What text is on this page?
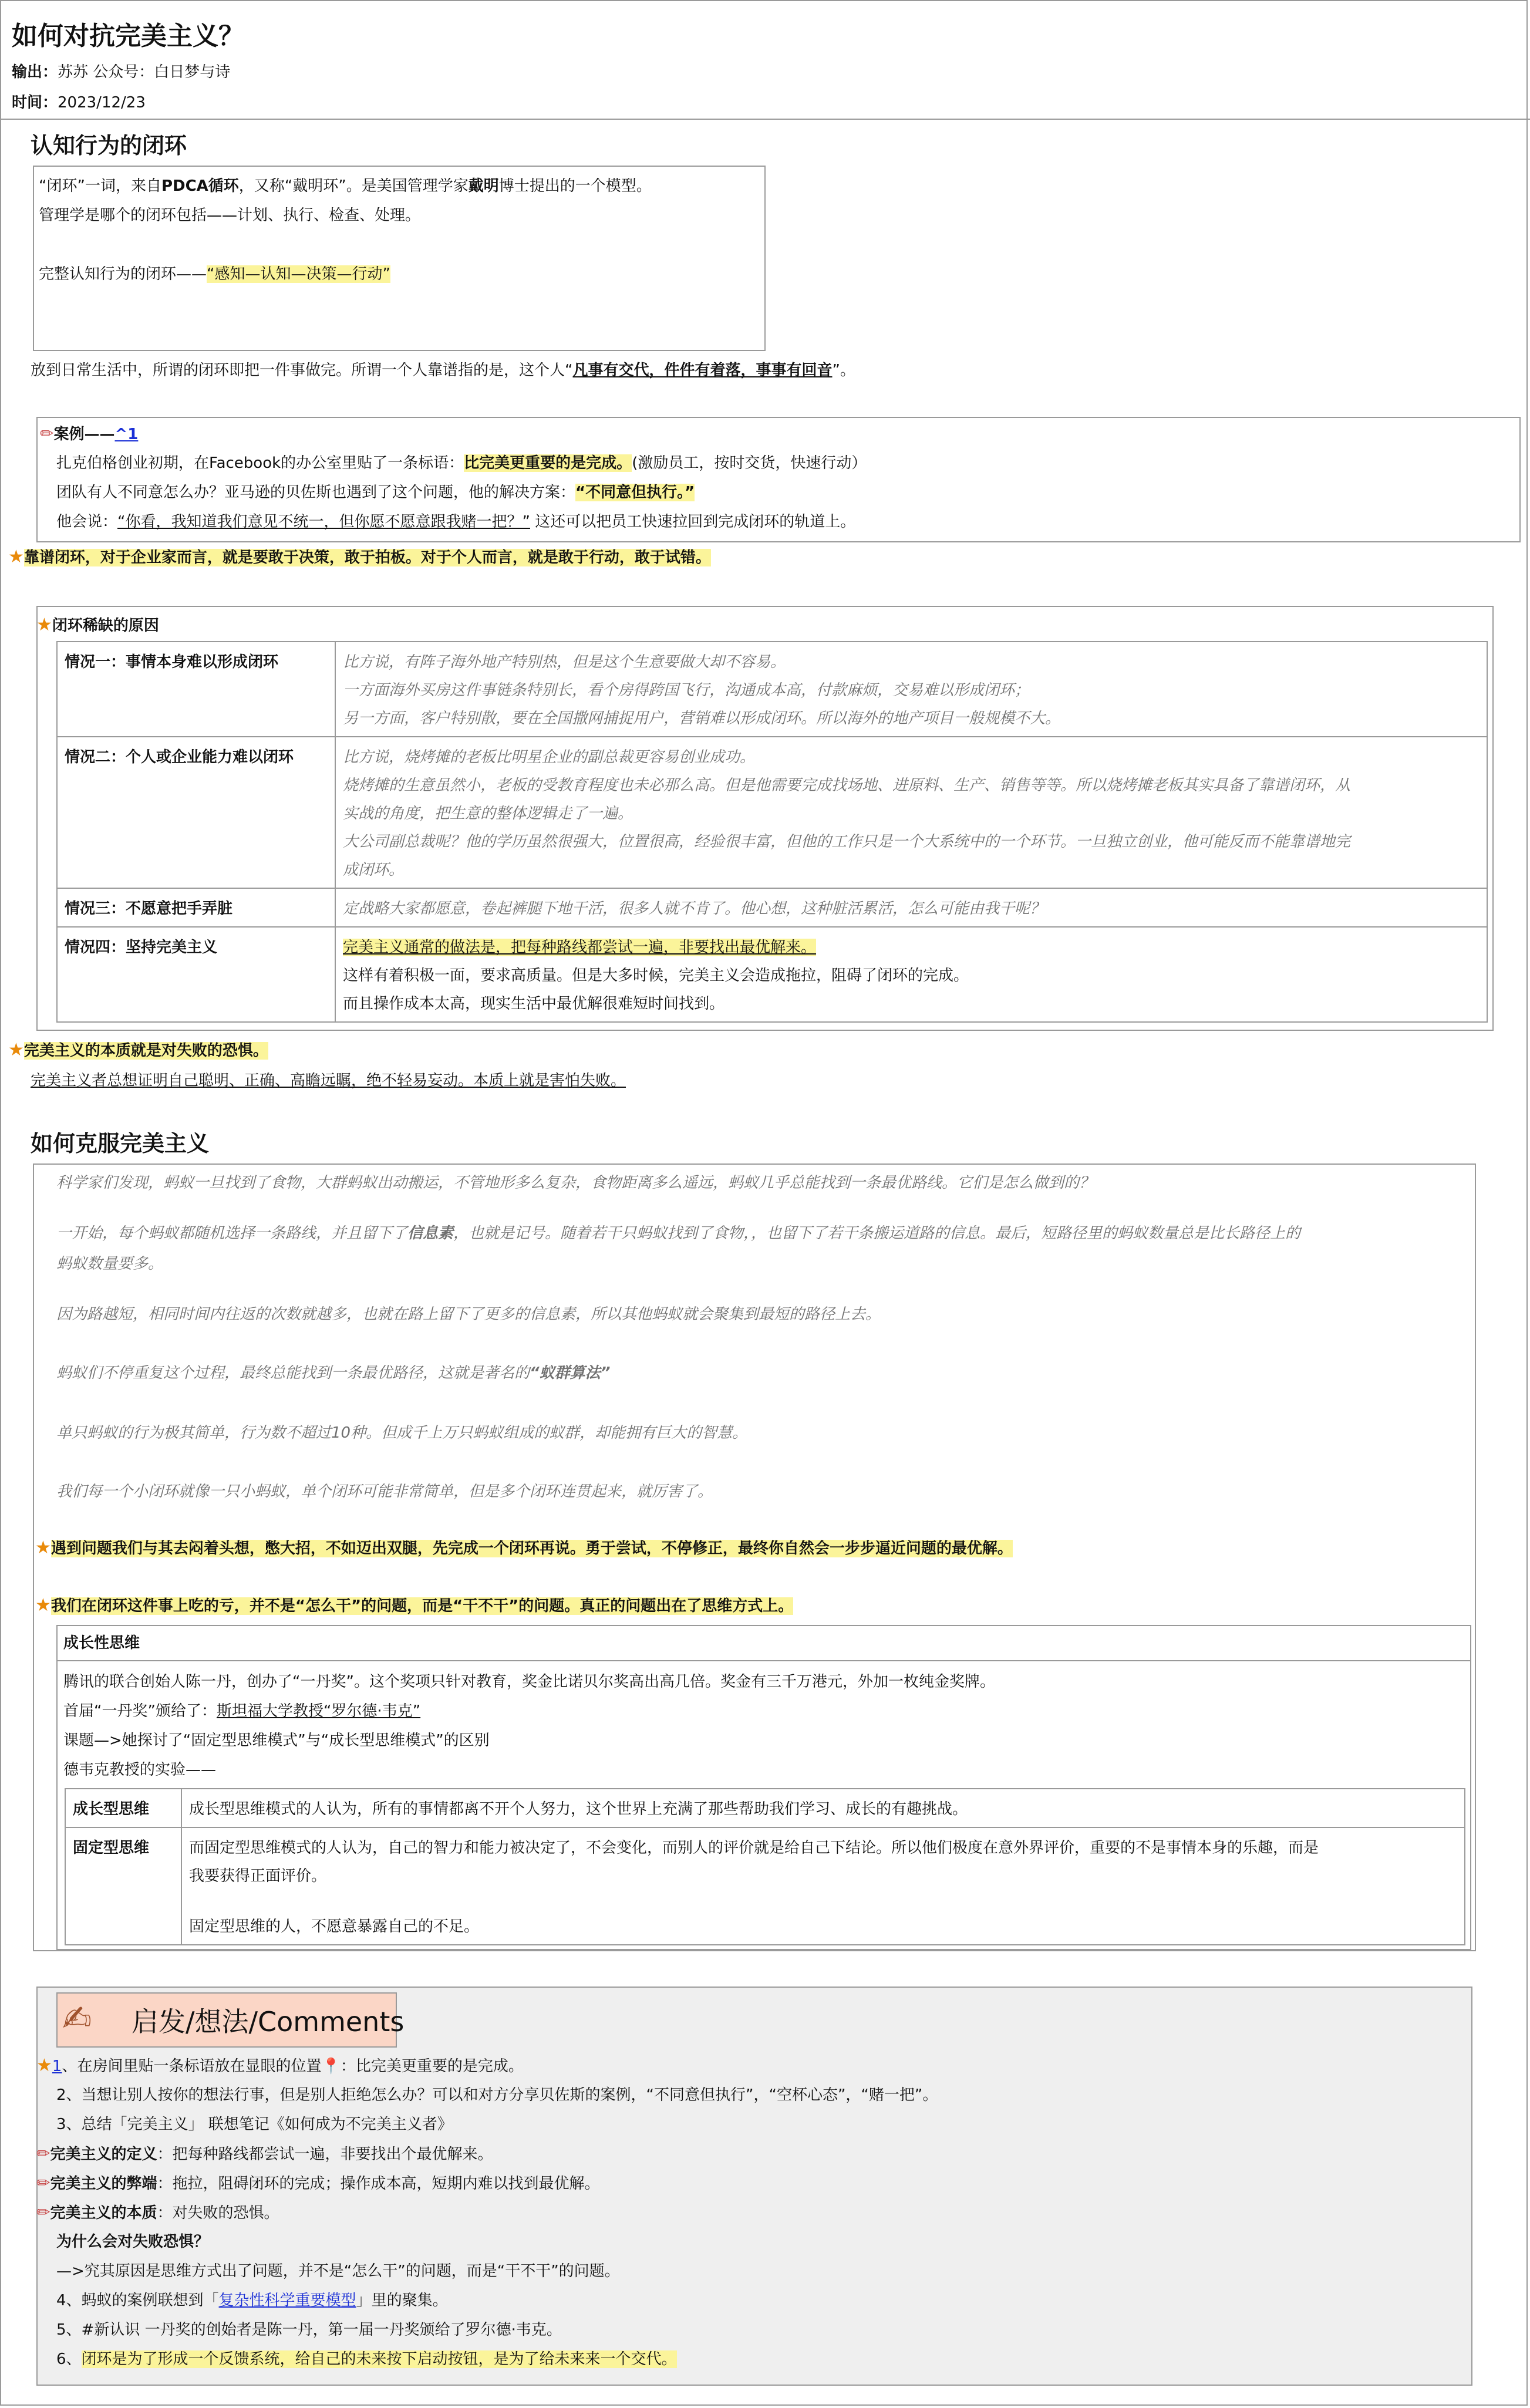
如何对抗完美主义？
输出：苏苏 公众号：白日梦与诗
时间：2023/12/23
认知行为的闭环
“闭环”一词，来自PDCA循环，又称“戴明环”。是美国管理学家戴明博士提出的一个模型。
管理学是哪个的闭环包括——计划、执行、检查、处理。
完整认知行为的闭环——“感知—认知—决策—行动”
放到日常生活中，所谓的闭环即把一件事做完。所谓一个人靠谱指的是，这个人“凡事有交代，件件有着落，事事有回音”。
✏案例——^1
扎克伯格创业初期，在Facebook的办公室里贴了一条标语：比完美更重要的是完成。(激励员工，按时交货，快速行动）
团队有人不同意怎么办？亚马逊的贝佐斯也遇到了这个问题，他的解决方案：“不同意但执行。”
他会说：“你看，我知道我们意见不统一，但你愿不愿意跟我赌一把？” 这还可以把员工快速拉回到完成闭环的轨道上。
★靠谱闭环，对于企业家而言，就是要敢于决策，敢于拍板。对于个人而言，就是敢于行动，敢于试错。
★闭环稀缺的原因
情况一：事情本身难以形成闭环	比方说，有阵子海外地产特别热，但是这个生意要做大却不容易。
一方面海外买房这件事链条特别长，看个房得跨国飞行，沟通成本高，付款麻烦，交易难以形成闭环；
另一方面，客户特别散，要在全国撒网捕捉用户，营销难以形成闭环。所以海外的地产项目一般规模不大。

情况二：个人或企业能力难以闭环	比方说，烧烤摊的老板比明星企业的副总裁更容易创业成功。
烧烤摊的生意虽然小，老板的受教育程度也未必那么高。但是他需要完成找场地、进原料、生产、销售等等。所以烧烤摊老板其实具备了靠谱闭环，从
实战的角度，把生意的整体逻辑走了一遍。
大公司副总裁呢？他的学历虽然很强大，位置很高，经验很丰富，但他的工作只是一个大系统中的一个环节。一旦独立创业，他可能反而不能靠谱地完
成闭环。

情况三：不愿意把手弄脏	定战略大家都愿意，卷起裤腿下地干活，很多人就不肯了。他心想，这种脏活累活，怎么可能由我干呢？
情况四：坚持完美主义	完美主义通常的做法是，把每种路线都尝试一遍，非要找出最优解来。
这样有着积极一面，要求高质量。但是大多时候，完美主义会造成拖拉，阻碍了闭环的完成。
而且操作成本太高，现实生活中最优解很难短时间找到。
★完美主义的本质就是对失败的恐惧。
完美主义者总想证明自己聪明、正确、高瞻远瞩，绝不轻易妄动。本质上就是害怕失败。
如何克服完美主义
科学家们发现，蚂蚁一旦找到了食物，大群蚂蚁出动搬运，不管地形多么复杂，食物距离多么遥远，蚂蚁几乎总能找到一条最优路线。它们是怎么做到的？
一开始，每个蚂蚁都随机选择一条路线，并且留下了信息素，也就是记号。随着若干只蚂蚁找到了食物，，也留下了若干条搬运道路的信息。最后，短路径里的蚂蚁数量总是比长路径上的
蚂蚁数量要多。
因为路越短，相同时间内往返的次数就越多，也就在路上留下了更多的信息素，所以其他蚂蚁就会聚集到最短的路径上去。
蚂蚁们不停重复这个过程，最终总能找到一条最优路径，这就是著名的“蚁群算法”
单只蚂蚁的行为极其简单，行为数不超过10种。但成千上万只蚂蚁组成的蚁群，却能拥有巨大的智慧。
我们每一个小闭环就像一只小蚂蚁，单个闭环可能非常简单，但是多个闭环连贯起来，就厉害了。
★遇到问题我们与其去闷着头想，憋大招，不如迈出双腿，先完成一个闭环再说。勇于尝试，不停修正，最终你自然会一步步逼近问题的最优解。
★我们在闭环这件事上吃的亏，并不是“怎么干”的问题，而是“干不干”的问题。真正的问题出在了思维方式上。
成长性思维
腾讯的联合创始人陈一丹，创办了“一丹奖”。这个奖项只针对教育，奖金比诺贝尔奖高出高几倍。奖金有三千万港元，外加一枚纯金奖牌。
首届“一丹奖”颁给了：斯坦福大学教授“罗尔德·韦克”
课题—>她探讨了“固定型思维模式”与“成长型思维模式”的区别
德韦克教授的实验——
成长型思维	成长型思维模式的人认为，所有的事情都离不开个人努力，这个世界上充满了那些帮助我们学习、成长的有趣挑战。
固定型思维	而固定型思维模式的人认为，自己的智力和能力被决定了，不会变化，而别人的评价就是给自己下结论。所以他们极度在意外界评价，重要的不是事情本身的乐趣，而是
我要获得正面评价。
固定型思维的人，不愿意暴露自己的不足。
✍ 启发/想法/Comments
★1、在房间里贴一条标语放在显眼的位置📍：比完美更重要的是完成。
2、当想让别人按你的想法行事，但是别人拒绝怎么办？可以和对方分享贝佐斯的案例，“不同意但执行”，“空杯心态”，“赌一把”。
3、总结「完美主义」 联想笔记《如何成为不完美主义者》
✏完美主义的定义：把每种路线都尝试一遍，非要找出个最优解来。
✏完美主义的弊端：拖拉，阻碍闭环的完成；操作成本高，短期内难以找到最优解。
✏完美主义的本质：对失败的恐惧。
为什么会对失败恐惧？
—>究其原因是思维方式出了问题，并不是“怎么干”的问题，而是“干不干”的问题。
4、蚂蚁的案例联想到「复杂性科学重要模型」里的聚集。
5、#新认识 一丹奖的创始者是陈一丹，第一届一丹奖颁给了罗尔德·韦克。
6、闭环是为了形成一个反馈系统，给自己的未来按下启动按钮，是为了给未来来一个交代。
